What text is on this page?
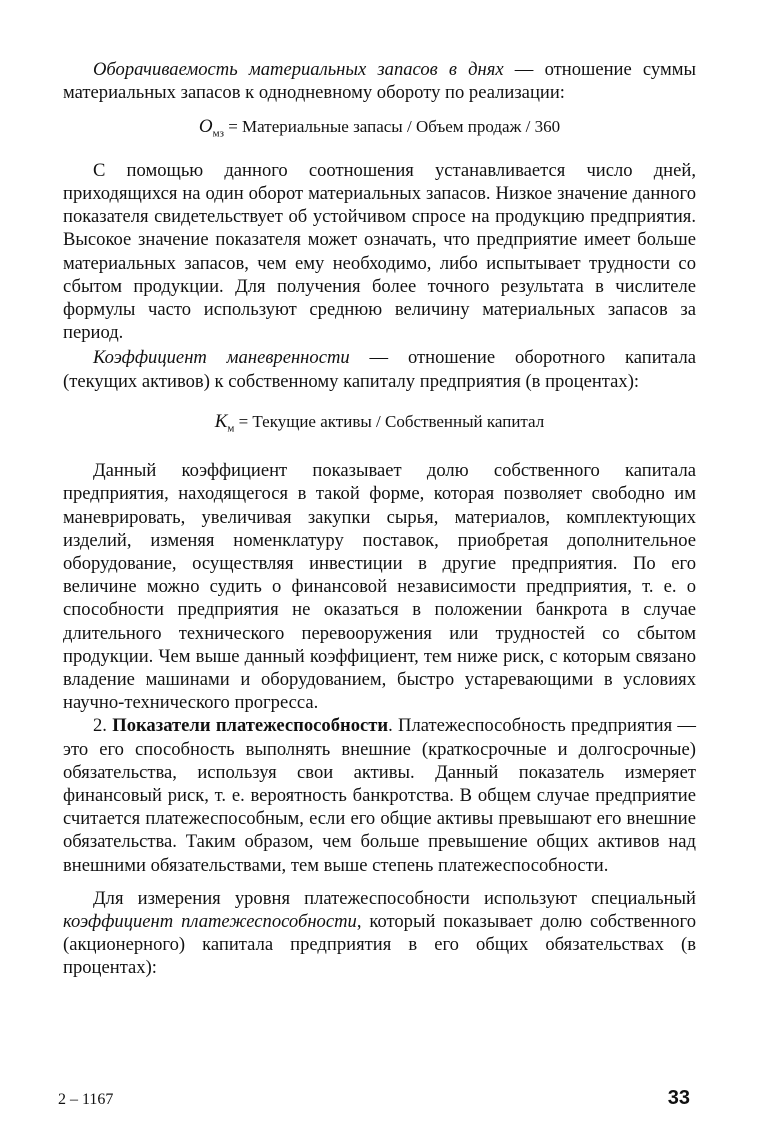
Оборачиваемость материальных запасов в днях — отношение суммы материальных запасов к однодневному обороту по реализации:

$О_{мз}$ = Материальные запасы / Объем продаж / 360

С помощью данного соотношения устанавливается число дней, приходящихся на один оборот материальных запасов. Низкое значение данного показателя свидетельствует об устойчивом спросе на продукцию предприятия. Высокое значение показателя может означать, что предприятие имеет больше материальных запасов, чем ему необходимо, либо испытывает трудности со сбытом продукции. Для получения более точного результата в числителе формулы часто используют среднюю величину материальных запасов за период.

Коэффициент маневренности — отношение оборотного капитала (текущих активов) к собственному капиталу предприятия (в процентах):

$К_м$ = Текущие активы / Собственный капитал

Данный коэффициент показывает долю собственного капитала предприятия, находящегося в такой форме, которая позволяет свободно им маневрировать, увеличивая закупки сырья, материалов, комплектующих изделий, изменяя номенклатуру поставок, приобретая дополнительное оборудование, осуществляя инвестиции в другие предприятия. По его величине можно судить о финансовой независимости предприятия, т. е. о способности предприятия не оказаться в положении банкрота в случае длительного технического перевооружения или трудностей со сбытом продукции. Чем выше данный коэффициент, тем ниже риск, с которым связано владение машинами и оборудованием, быстро устаревающими в условиях научно-технического прогресса.

2. Показатели платежеспособности. Платежеспособность предприятия — это его способность выполнять внешние (краткосрочные и долгосрочные) обязательства, используя свои активы. Данный показатель измеряет финансовый риск, т. е. вероятность банкротства. В общем случае предприятие считается платежеспособным, если его общие активы превышают его внешние обязательства. Таким образом, чем больше превышение общих активов над внешними обязательствами, тем выше степень платежеспособности.

Для измерения уровня платежеспособности используют специальный коэффициент платежеспособности, который показывает долю собственного (акционерного) капитала предприятия в его общих обязательствах (в процентах):

2 – 1167	33
